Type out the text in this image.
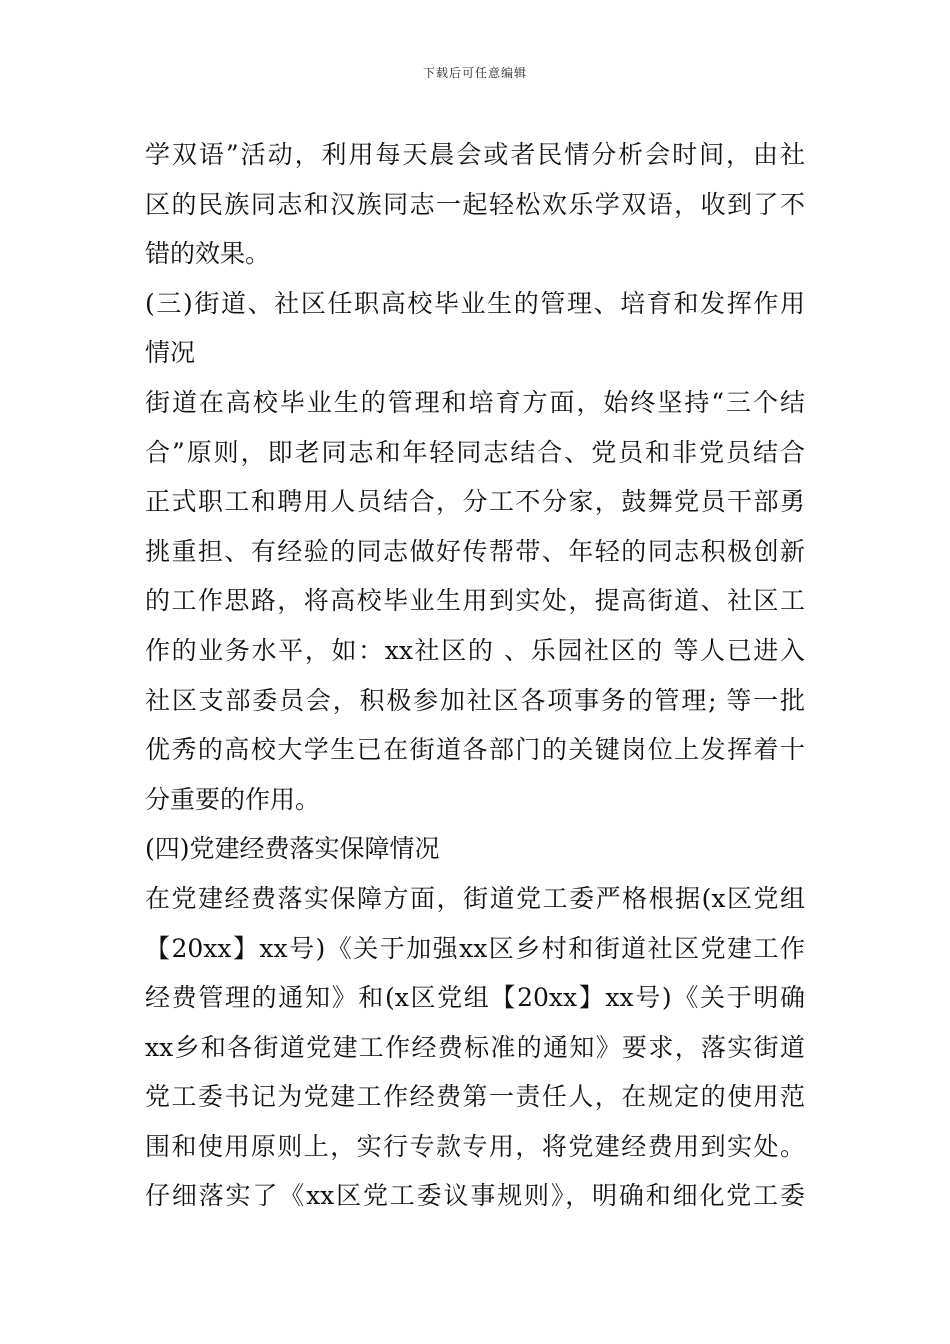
下载后可任意编辑
学双语”活动，利用每天晨会或者民情分析会时间，由社
区的民族同志和汉族同志一起轻松欢乐学双语，收到了不
错的效果。
(三)街道、社区任职高校毕业生的管理、培育和发挥作用
情况
街道在高校毕业生的管理和培育方面，始终坚持“三个结
合”原则，即老同志和年轻同志结合、党员和非党员结合
正式职工和聘用人员结合，分工不分家，鼓舞党员干部勇
挑重担、有经验的同志做好传帮带、年轻的同志积极创新
的工作思路，将高校毕业生用到实处，提高街道、社区工
作的业务水平，如：xx社区的 、乐园社区的 等人已进入
社区支部委员会，积极参加社区各项事务的管理; 等一批
优秀的高校大学生已在街道各部门的关键岗位上发挥着十
分重要的作用。
(四)党建经费落实保障情况
在党建经费落实保障方面，街道党工委严格根据(x区党组
【20xx】xx号)《关于加强xx区乡村和街道社区党建工作
经费管理的通知》和(x区党组【20xx】xx号)《关于明确
xx乡和各街道党建工作经费标准的通知》要求，落实街道
党工委书记为党建工作经费第一责任人，在规定的使用范
围和使用原则上，实行专款专用，将党建经费用到实处。
仔细落实了《xx区党工委议事规则》，明确和细化党工委
